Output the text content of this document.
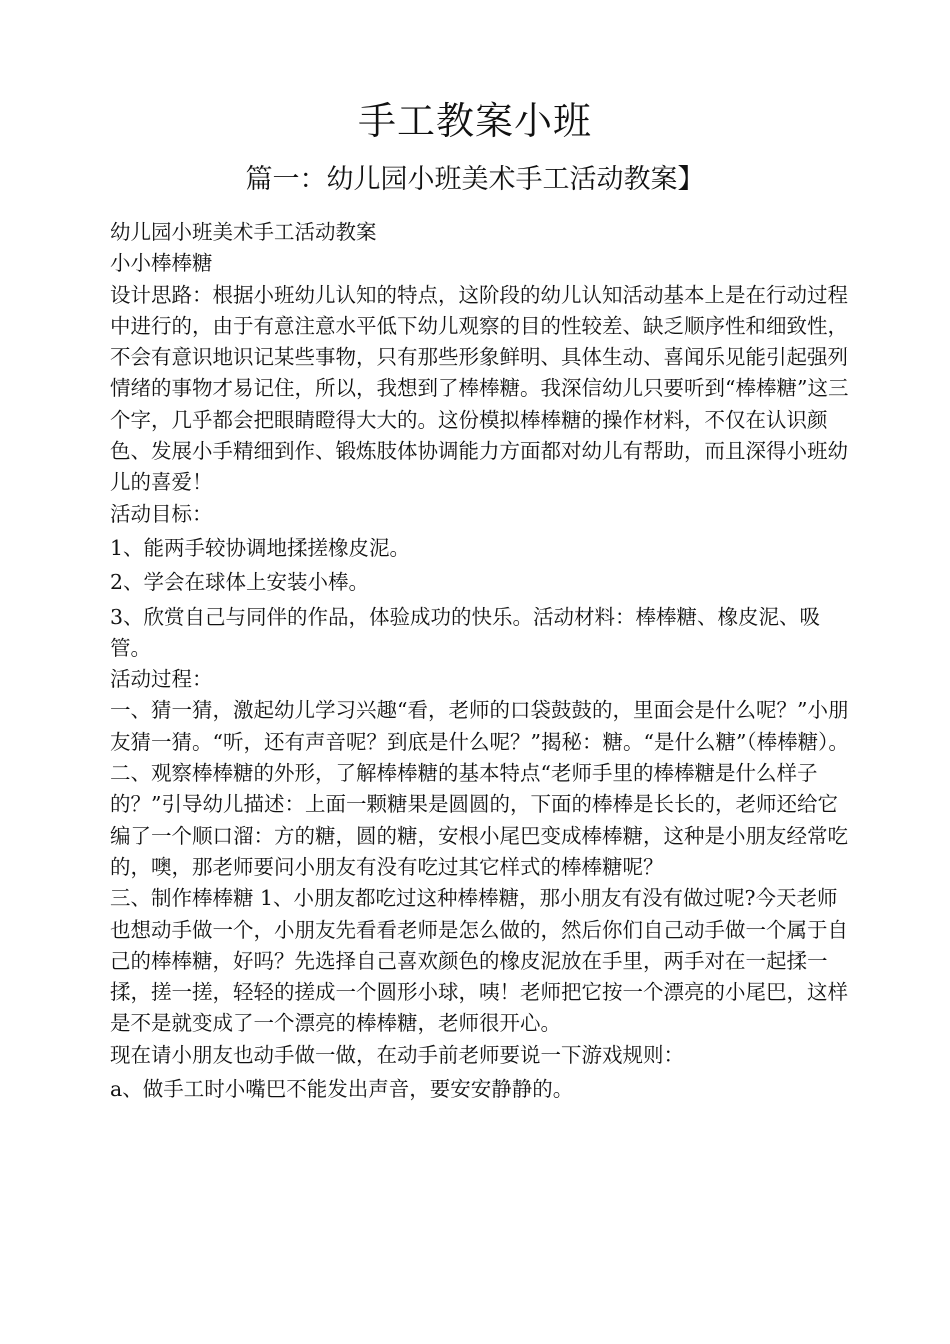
手工教案小班
篇一：幼儿园小班美术手工活动教案】

幼儿园小班美术手工活动教案

小小棒棒糖

设计思路：根据小班幼儿认知的特点，这阶段的幼儿认知活动基本上是在行动过程中进行的，由于有意注意水平低下幼儿观察的目的性较差、缺乏顺序性和细致性，不会有意识地识记某些事物，只有那些形象鲜明、具体生动、喜闻乐见能引起强列情绪的事物才易记住，所以，我想到了棒棒糖。我深信幼儿只要听到“棒棒糖”这三个字，几乎都会把眼睛瞪得大大的。这份模拟棒棒糖的操作材料，不仅在认识颜色、发展小手精细到作、锻炼肢体协调能力方面都对幼儿有帮助，而且深得小班幼儿的喜爱！

活动目标：

1、能两手较协调地揉搓橡皮泥。

2、学会在球体上安装小棒。

3、欣赏自己与同伴的作品，体验成功的快乐。活动材料：棒棒糖、橡皮泥、吸管。

活动过程：

一、猜一猜，激起幼儿学习兴趣“看，老师的口袋鼓鼓的，里面会是什么呢？”小朋友猜一猜。“听，还有声音呢？到底是什么呢？”揭秘：糖。“是什么糖”（棒棒糖）。

二、观察棒棒糖的外形，了解棒棒糖的基本特点“老师手里的棒棒糖是什么样子的？”引导幼儿描述：上面一颗糖果是圆圆的，下面的棒棒是长长的，老师还给它编了一个顺口溜：方的糖，圆的糖，安根小尾巴变成棒棒糖，这种是小朋友经常吃的，噢，那老师要问小朋友有没有吃过其它样式的棒棒糖呢？

三、制作棒棒糖 1、小朋友都吃过这种棒棒糖，那小朋友有没有做过呢?今天老师也想动手做一个，小朋友先看看老师是怎么做的，然后你们自己动手做一个属于自己的棒棒糖，好吗？先选择自己喜欢颜色的橡皮泥放在手里，两手对在一起揉一揉，搓一搓，轻轻的搓成一个圆形小球，咦！老师把它按一个漂亮的小尾巴，这样是不是就变成了一个漂亮的棒棒糖，老师很开心。

现在请小朋友也动手做一做，在动手前老师要说一下游戏规则：

a、做手工时小嘴巴不能发出声音，要安安静静的。
